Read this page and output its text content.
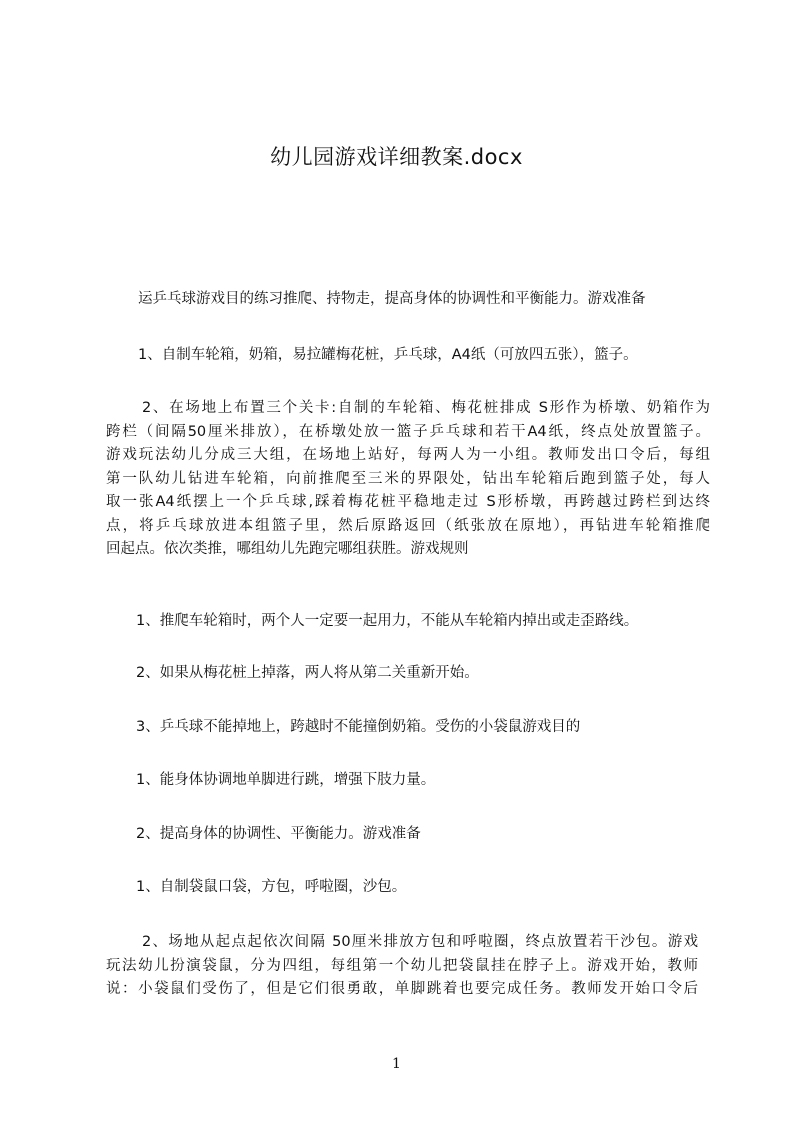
幼儿园游戏详细教案.docx
运乒乓球游戏目的练习推爬、持物走，提高身体的协调性和平衡能力。游戏准备
1、自制车轮箱，奶箱，易拉罐梅花桩，乒乓球，A4纸（可放四五张），篮子。
2、在场地上布置三个关卡:自制的车轮箱、梅花桩排成 S形作为桥墩、奶箱作为
跨栏（间隔50厘米排放），在桥墩处放一篮子乒乓球和若干A4纸，终点处放置篮子。
游戏玩法幼儿分成三大组，在场地上站好，每两人为一小组。教师发出口令后，每组
第一队幼儿钻进车轮箱，向前推爬至三米的界限处，钻出车轮箱后跑到篮子处，每人
取一张A4纸摆上一个乒乓球,踩着梅花桩平稳地走过 S形桥墩，再跨越过跨栏到达终
点，将乒乓球放进本组篮子里，然后原路返回（纸张放在原地），再钻进车轮箱推爬
回起点。依次类推，哪组幼儿先跑完哪组获胜。游戏规则
1、推爬车轮箱时，两个人一定要一起用力，不能从车轮箱内掉出或走歪路线。
2、如果从梅花桩上掉落，两人将从第二关重新开始。
3、乒乓球不能掉地上，跨越时不能撞倒奶箱。受伤的小袋鼠游戏目的
1、能身体协调地单脚进行跳，增强下肢力量。
2、提高身体的协调性、平衡能力。游戏准备
1、自制袋鼠口袋，方包，呼啦圈，沙包。
2、场地从起点起依次间隔 50厘米排放方包和呼啦圈，终点放置若干沙包。游戏
玩法幼儿扮演袋鼠，分为四组，每组第一个幼儿把袋鼠挂在脖子上。游戏开始，教师
说：小袋鼠们受伤了，但是它们很勇敢，单脚跳着也要完成任务。教师发开始口令后
1
